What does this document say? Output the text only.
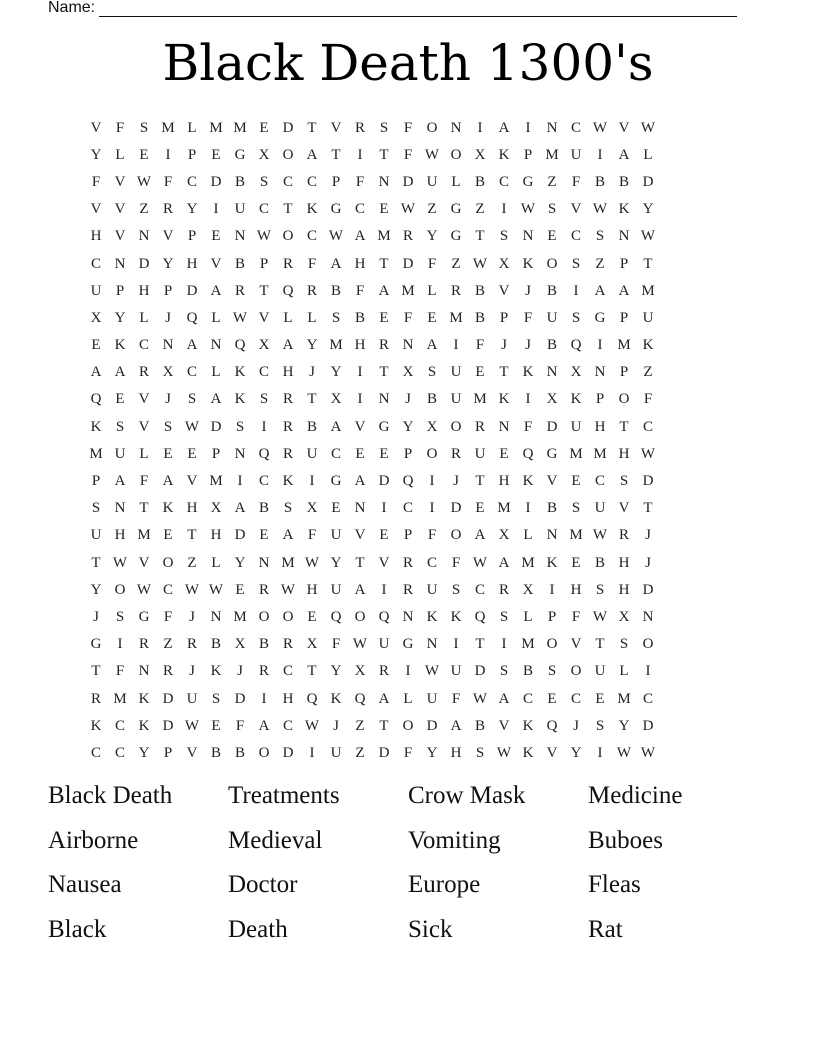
Name:
Black Death 1300's
V F	S M L M M E D T V R S	F O N	I	A	I	N C W V W
Y L E	I	P	E G X O A T	I	T	F W O X K P M U	I	A L
F V W F C D B S C C P	F N D U L B C G Z	F B B D
V V Z R Y	I	U C T K G C E W Z G Z	I W S V W K Y
H V N V P	E N W O C W A M R Y G T	S N E C S N W
C N D Y H V B P R F A H T D F	Z W X K O S	Z	P	T
U P H P D A R T Q R B F A M L R B V	J	B	I	A A M
X Y L	J	Q L W V L L	S B E	F	E M B P	F U S G P U
E K C N A N Q X A Y M H R N A	I	F	J	J	B Q	I M K
A A R X C L K C H	J	Y	I	T X S U E T K N X N P	Z
Q E V	J	S A K S R T X	I	N	J	B U M K	I	X K P O F
K S V S W D S	I	R B A V G Y X O R N F D U H T C
M U L E E	P N Q R U C E E	P O R U E Q G M M H W
P A F A V M I	C K	I	G A D Q	I	J	T H K V E C S D
S N T K H X A B S X E N	I	C	I	D E M I	B S U V T
U H M E T H D E A F U V E	P	F O A X L N M W R	J
T W V O Z L Y N M W Y T V R C F W A M K E B H	J
Y O W C W W E R W H U A	I	R U S C R X	I	H S H D
J	S G F	J	N M O O E Q O Q N K K Q S	L	P	F W X N
G	I	R Z R B X B R X F W U G N	I	T	I M O V T	S O
T	F N R	J	K	J	R C T Y X R	I W U D S B S O U L	I
R M K D U S D	I	H Q K Q A L U F W A C E C E M C
K C K D W E	F A C W J	Z T O D A B V K Q	J	S Y D
C C Y P V B B O D	I	U Z D F Y H S W K V Y	I W W
Black Death	Treatments	Crow Mask	Medicine
Airborne	Medieval	Vomiting	Buboes
Nausea	Doctor	Europe	Fleas
Black	Death	Sick	Rat
